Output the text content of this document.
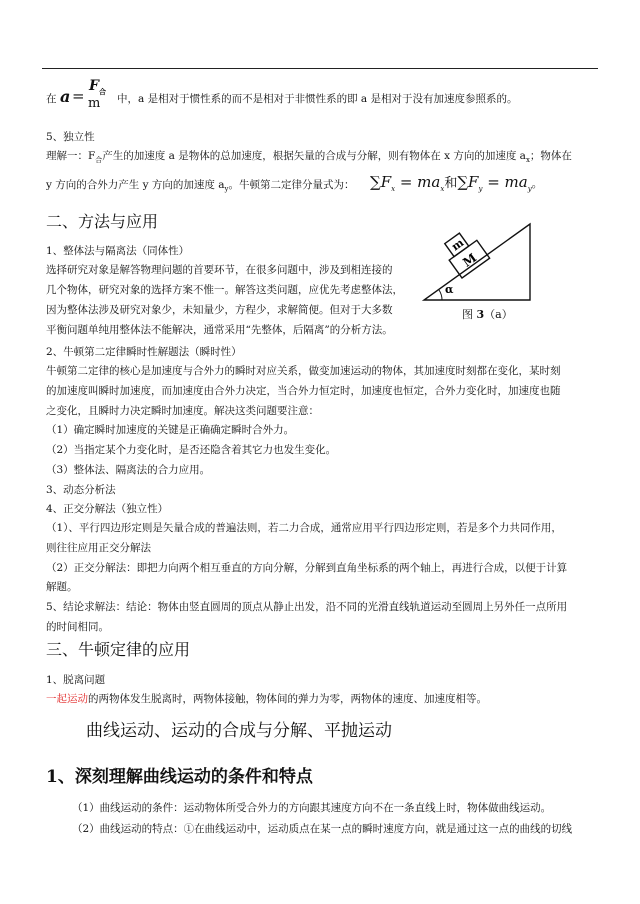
在 a =
$F_合$
m 中，a 是相对于惯性系的而不是相对于非惯性系的即 a 是相对于没有加速度参照系的。
5、独立性
理解一：$F_合$产生的加速度 a 是物体的总加速度，根据矢量的合成与分解，则有物体在 x 方向的加速度 $a_x$；物体在
y 方向的合外力产生 y 方向的加速度 $a_y$。牛顿第二定律分量式为： $\sum F_x = ma_x$和$\sum F_y = ma_y$。
二、方法与应用
1、整体法与隔离法（同体性）
选择研究对象是解答物理问题的首要环节，在很多问题中，涉及到相连接的
几个物体，研究对象的选择方案不惟一。解答这类问题，应优先考虑整体法，
因为整体法涉及研究对象少，未知量少，方程少，求解简便。但对于大多数
平衡问题单纯用整体法不能解决，通常采用“先整体，后隔离”的分析方法。
2、牛顿第二定律瞬时性解题法（瞬时性）
牛顿第二定律的核心是加速度与合外力的瞬时对应关系，做变加速运动的物体，其加速度时刻都在变化，某时刻
的加速度叫瞬时加速度，而加速度由合外力决定，当合外力恒定时，加速度也恒定，合外力变化时，加速度也随
之变化，且瞬时力决定瞬时加速度。解决这类问题要注意：
（1）确定瞬时加速度的关键是正确确定瞬时合外力。
（2）当指定某个力变化时，是否还隐含着其它力也发生变化。
（3）整体法、隔离法的合力应用。
3、动态分析法
4、正交分解法（独立性）
（1）、平行四边形定则是矢量合成的普遍法则，若二力合成，通常应用平行四边形定则，若是多个力共同作用，
则往往应用正交分解法
（2）正交分解法：即把力向两个相互垂直的方向分解，分解到直角坐标系的两个轴上，再进行合成，以便于计算
解题。
5、结论求解法：结论：物体由竖直圆周的顶点从静止出发，沿不同的光滑直线轨道运动至圆周上另外任一点所用
的时间相同。
M
m
α
图 3（a）
三、牛顿定律的应用
1、脱离问题
一起运动的两物体发生脱离时，两物体接触，物体间的弹力为零，两物体的速度、加速度相等。
曲线运动、运动的合成与分解、平抛运动
1、深刻理解曲线运动的条件和特点
（1）曲线运动的条件：运动物体所受合外力的方向跟其速度方向不在一条直线上时，物体做曲线运动。
（2）曲线运动的特点：①在曲线运动中，运动质点在某一点的瞬时速度方向，就是通过这一点的曲线的切线
